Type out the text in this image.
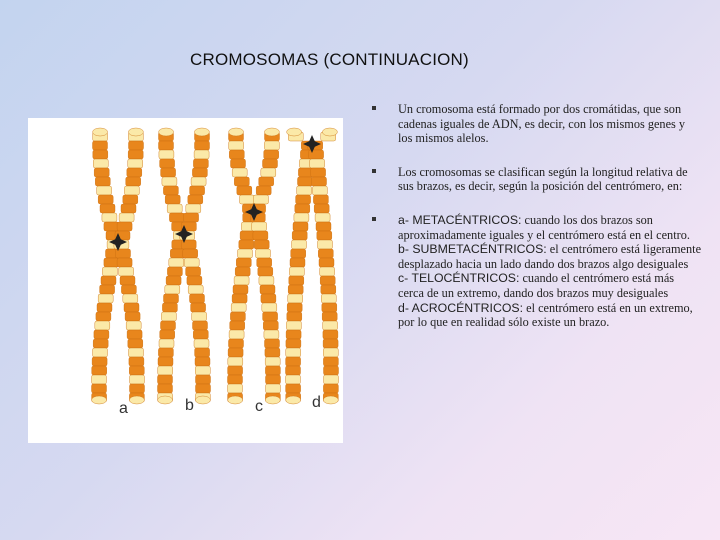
CROMOSOMAS (CONTINUACION)
a	b	c	d
Un cromosoma está formado por dos cromátidas, que son cadenas iguales de ADN, es decir, con los mismos genes y los mismos alelos.
Los cromosomas se clasifican según la longitud relativa de sus brazos, es decir, según la posición del centrómero, en:
a- METACÉNTRICOS: cuando los dos brazos son aproximadamente iguales y el centrómero está en el centro.
b- SUBMETACÉNTRICOS: el centrómero está ligeramente desplazado hacia un lado dando dos brazos algo desiguales
c- TELOCÉNTRICOS: cuando el centrómero está más cerca de un extremo, dando dos brazos muy desiguales
d- ACROCÉNTRICOS: el centrómero está en un extremo, por lo que en realidad sólo existe un brazo.
